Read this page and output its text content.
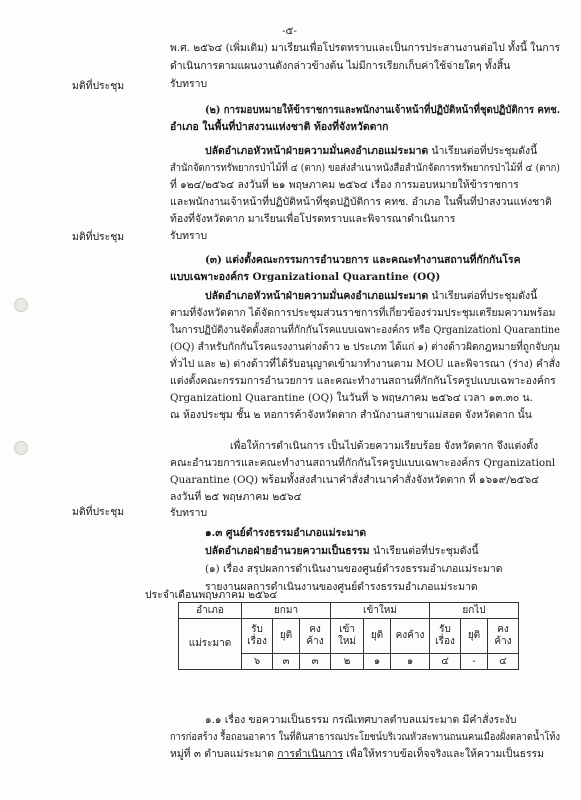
-๕-
พ.ศ. ๒๕๖๔ (เพิ่มเติม) มาเรียนเพื่อโปรดทราบและเป็นการประสานงานต่อไป ทั้งนี้ ในการ
ดำเนินการตามแผนงานดังกล่าวข้างต้น ไม่มีการเรียกเก็บค่าใช้จ่ายใดๆ ทั้งสิ้น
มติที่ประชุม	รับทราบ
(๒) การมอบหมายให้ข้าราชการและพนักงานเจ้าหน้าที่ปฏิบัติหน้าที่ชุดปฏิบัติการ คทช.
อำเภอ ในพื้นที่ป่าสงวนแห่งชาติ ท้องที่จังหวัดตาก
ปลัดอำเภอหัวหน้าฝ่ายความมั่นคงอำเภอแม่ระมาด นำเรียนต่อที่ประชุมดังนี้
สำนักจัดการทรัพยากรป่าไม้ที่ ๔ (ตาก) ขอส่งสำเนาหนังสือสำนักจัดการทรัพยากรป่าไม้ที่ ๔ (ตาก)
ที่ ๑๒๔/๒๕๖๔ ลงวันที่ ๒๑ พฤษภาคม ๒๕๖๔ เรื่อง การมอบหมายให้ข้าราชการ
และพนักงานเจ้าหน้าที่ปฏิบัติหน้าที่ชุดปฏิบัติการ คทช. อำเภอ ในพื้นที่ป่าสงวนแห่งชาติ
ท้องที่จังหวัดตาก มาเรียนเพื่อโปรดทราบและพิจารณาดำเนินการ
มติที่ประชุม	รับทราบ
(๓) แต่งตั้งคณะกรรมการอำนวยการ และคณะทำงานสถานที่กักกันโรค
แบบเฉพาะองค์กร Organizational Quarantine (OQ)
ปลัดอำเภอหัวหน้าฝ่ายความมั่นคงอำเภอแม่ระมาด นำเรียนต่อที่ประชุมดังนี้
ตามที่จังหวัดตาก ได้จัดการประชุมส่วนราชการที่เกี่ยวข้องร่วมประชุมเตรียมความพร้อม
ในการปฏิบัติงานจัดตั้งสถานที่กักกันโรคแบบเฉพาะองค์กร หรือ Qrganizationl Quarantine
(OQ) สำหรับกักกันโรคแรงงานต่างด้าว ๒ ประเภท ได้แก่ ๑) ต่างด้าวผิดกฎหมายที่ถูกจับกุม
ทั่วไป และ ๒) ต่างด้าวที่ได้รับอนุญาตเข้ามาทำงานตาม MOU และพิจารณา (ร่าง) คำสั่ง
แต่งตั้งคณะกรรมการอำนวยการ และคณะทำงานสถานที่กักกันโรครูปแบบเฉพาะองค์กร
Qrganizationl Quarantine (OQ) ในวันที่ ๖ พฤษภาคม ๒๕๖๔ เวลา ๑๓.๓๐ น.
ณ ห้องประชุม ชั้น ๒ หอการค้าจังหวัดตาก สำนักงานสาขาแม่สอด จังหวัดตาก นั้น
เพื่อให้การดำเนินการ เป็นไปด้วยความเรียบร้อย จังหวัดตาก จึงแต่งตั้ง
คณะอำนวยการและคณะทำงานสถานที่กักกันโรครูปแบบเฉพาะองค์กร Qrganizationl
Quarantine (OQ) พร้อมทั้งส่งสำเนาคำสั่งสำเนาคำสั่งจังหวัดตาก ที่ ๑๖๑๙/๒๕๖๔
ลงวันที่ ๒๕ พฤษภาคม ๒๕๖๔
มติที่ประชุม	รับทราบ
๑.๓ ศูนย์ดำรงธรรมอำเภอแม่ระมาด
ปลัดอำเภอฝ่ายอำนวยความเป็นธรรม นำเรียนต่อที่ประชุมดังนี้
(๑) เรื่อง สรุปผลการดำเนินงานของศูนย์ดำรงธรรมอำเภอแม่ระมาด
รายงานผลการดำเนินงานของศูนย์ดำรงธรรมอำเภอแม่ระมาด
ประจำเดือนพฤษภาคม ๒๕๖๔
อำเภอ	ยกมา			เข้าใหม่			ยกไป		
แม่ระมาด	รับเรื่อง	ยุติ	คงค้าง	เข้าใหม่	ยุติ	คงค้าง	รับเรื่อง	ยุติ	คงค้าง
	๖	๓	๓	๒	๑	๑	๔	-	๔
๑.๑ เรื่อง ขอความเป็นธรรม กรณีเทศบาลตำบลแม่ระมาด มีคำสั่งระงับ
การก่อสร้าง รื้อถอนอาคาร ในที่ดินสาธารณประโยชน์บริเวณหัวสะพานถนนคนเมืองฝั่งตลาดน้ำโท้ง
หมู่ที่ ๓ ตำบลแม่ระมาด การดำเนินการ เพื่อให้ทราบข้อเท็จจริงและให้ความเป็นธรรม
